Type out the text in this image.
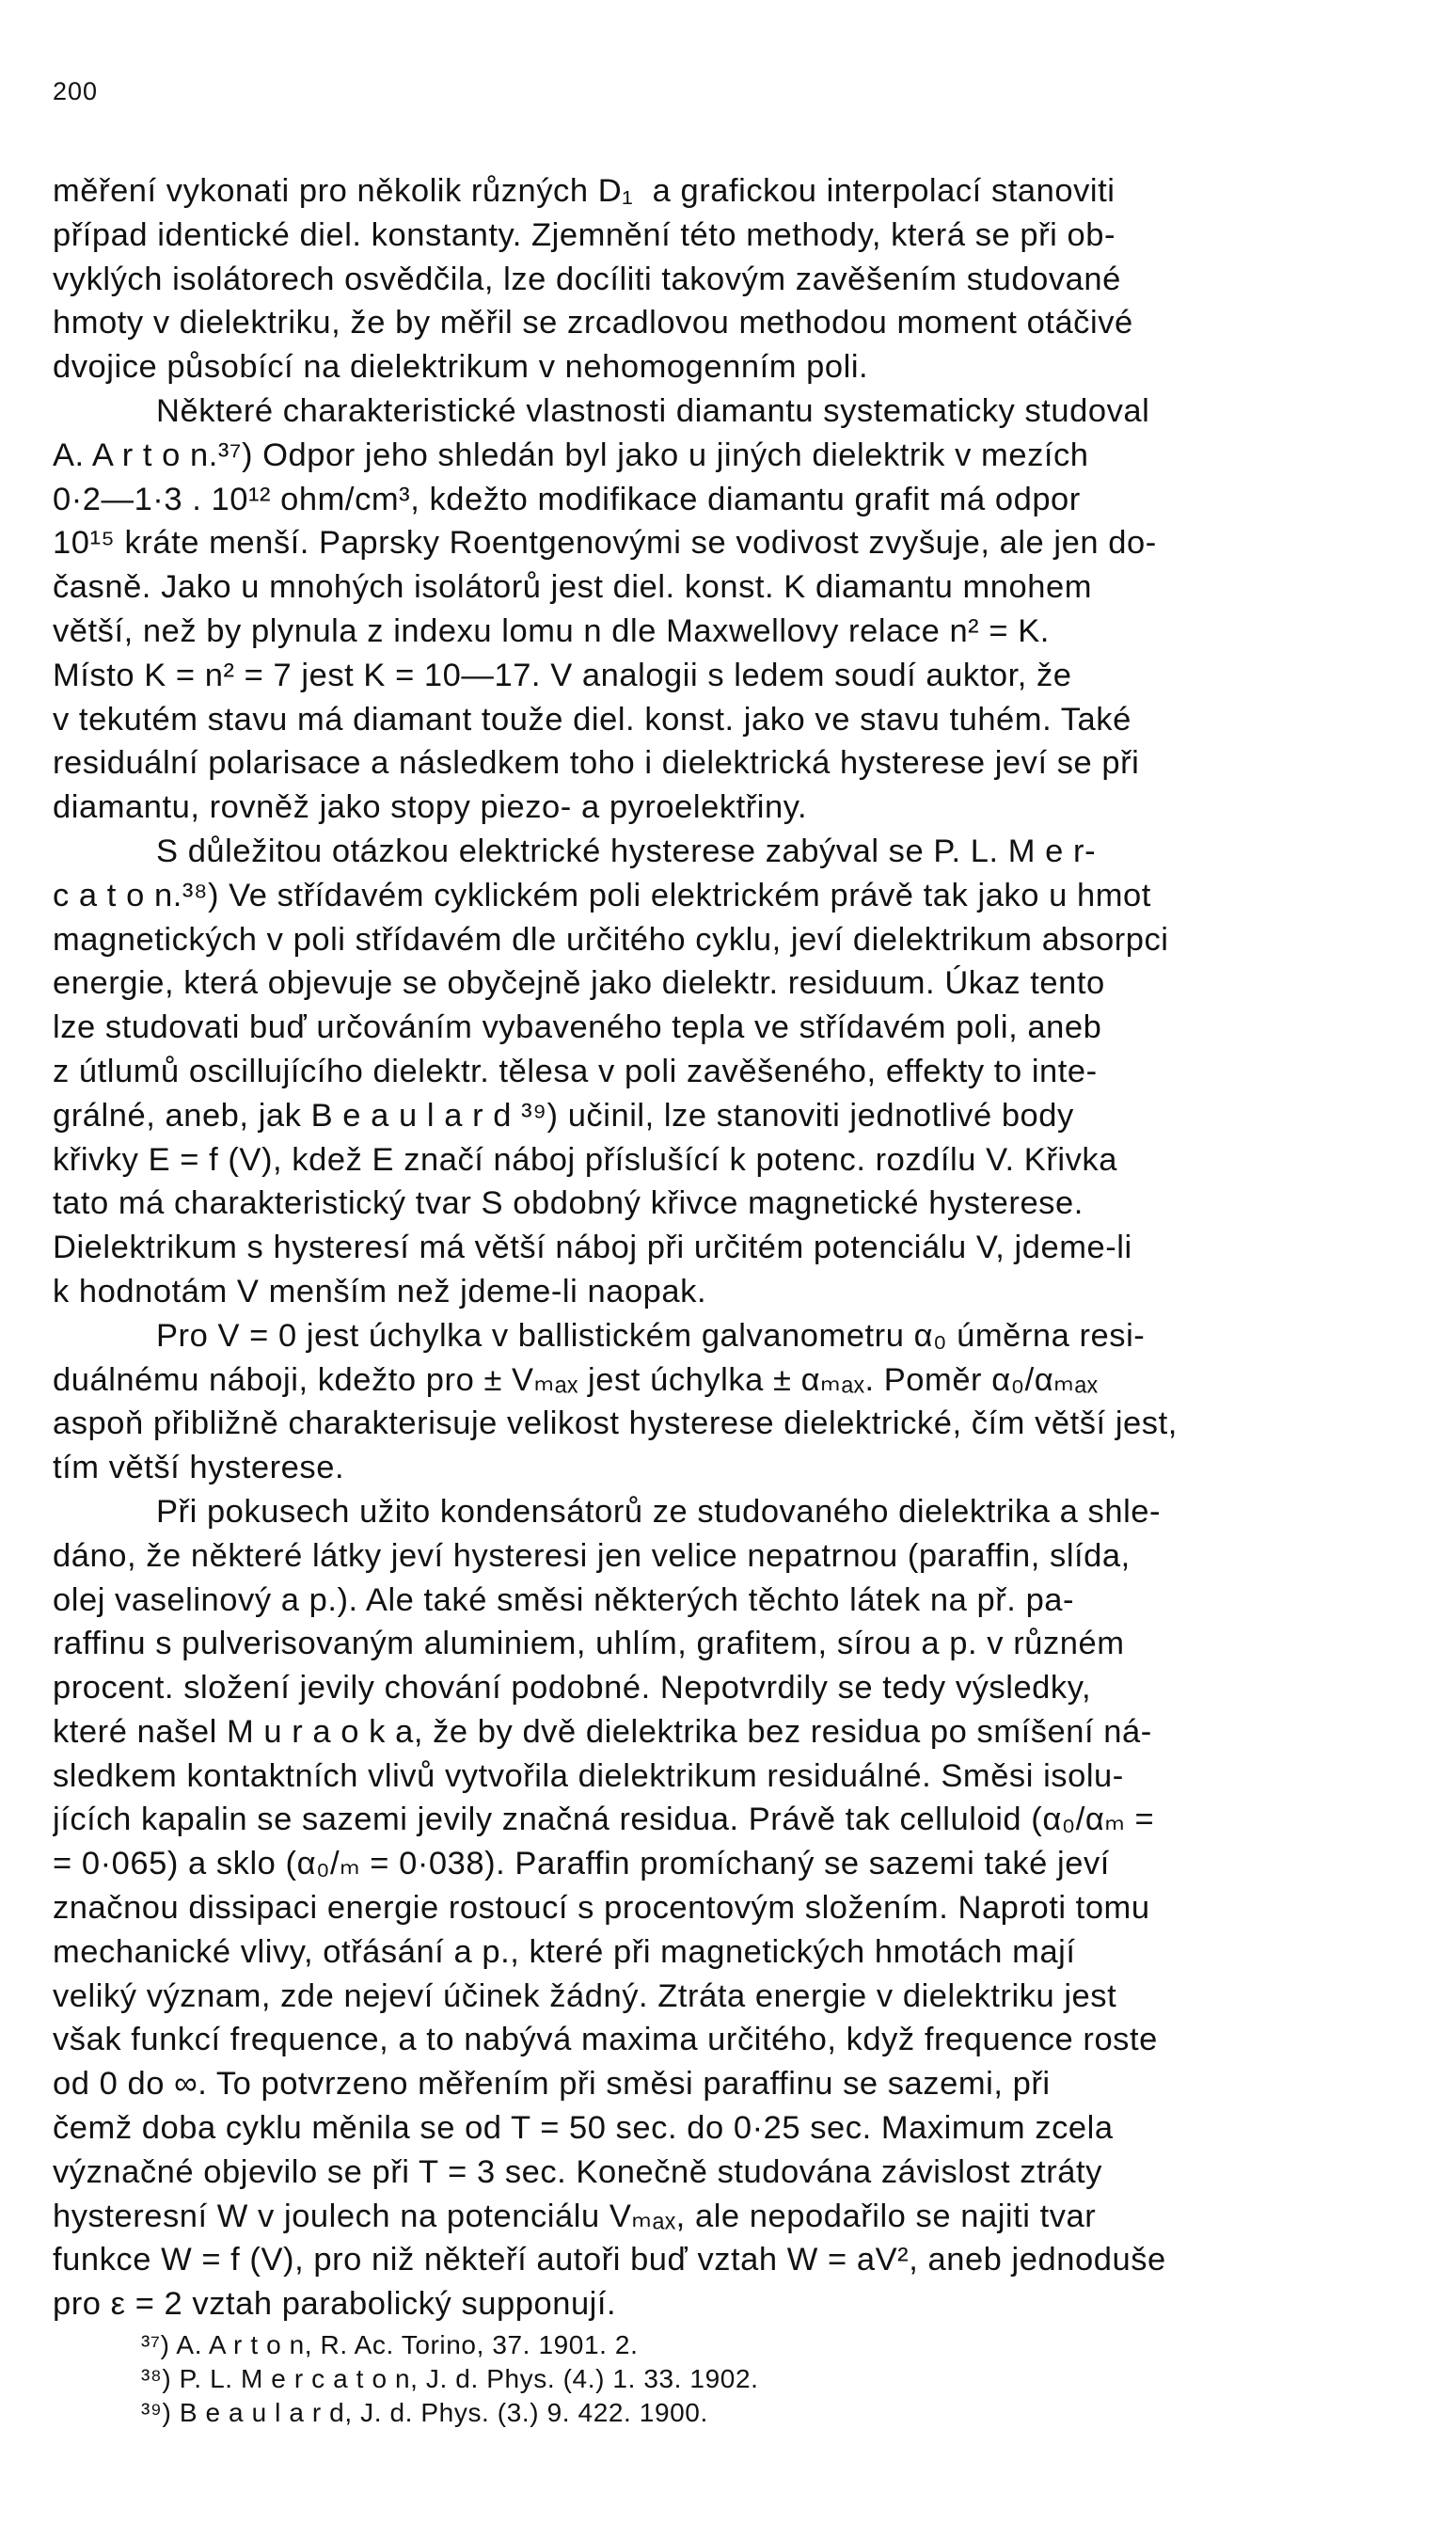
200
měření vykonati pro několik různých D₁  a grafickou interpolací stanoviti
případ identické diel. konstanty. Zjemnění této methody, která se při ob-
vyklých isolátorech osvědčila, lze docíliti takovým zavěšením studované
hmoty v dielektriku, že by měřil se zrcadlovou methodou moment otáčivé
dvojice působící na dielektrikum v nehomogenním poli.
Některé charakteristické vlastnosti diamantu systematicky studoval
A. A r t o n.³⁷) Odpor jeho shledán byl jako u jiných dielektrik v mezích
0·2—1·3 . 10¹² ohm/cm³, kdežto modifikace diamantu grafit má odpor
10¹⁵ kráte menší. Paprsky Roentgenovými se vodivost zvyšuje, ale jen do-
časně. Jako u mnohých isolátorů jest diel. konst. K diamantu mnohem
větší, než by plynula z indexu lomu n dle Maxwellovy relace n² = K.
Místo K = n² = 7 jest K = 10—17. V analogii s ledem soudí auktor, že
v tekutém stavu má diamant touže diel. konst. jako ve stavu tuhém. Také
residuální polarisace a následkem toho i dielektrická hysterese jeví se při
diamantu, rovněž jako stopy piezo- a pyroelektřiny.
S důležitou otázkou elektrické hysterese zabýval se P. L. M e r-
c a t o n.³⁸) Ve střídavém cyklickém poli elektrickém právě tak jako u hmot
magnetických v poli střídavém dle určitého cyklu, jeví dielektrikum absorpci
energie, která objevuje se obyčejně jako dielektr. residuum. Úkaz tento
lze studovati buď určováním vybaveného tepla ve střídavém poli, aneb
z útlumů oscillujícího dielektr. tělesa v poli zavěšeného, effekty to inte-
grálné, aneb, jak B e a u l a r d ³⁹) učinil, lze stanoviti jednotlivé body
křivky E = f (V), kdež E značí náboj příslušící k potenc. rozdílu V. Křivka
tato má charakteristický tvar S obdobný křivce magnetické hysterese.
Dielektrikum s hysteresí má větší náboj při určitém potenciálu V, jdeme-li
k hodnotám V menším než jdeme-li naopak.
Pro V = 0 jest úchylka v ballistickém galvanometru α₀ úměrna resi-
duálnému náboji, kdežto pro ± Vₘₐₓ jest úchylka ± αₘₐₓ. Poměr α₀/αₘₐₓ
aspoň přibližně charakterisuje velikost hysterese dielektrické, čím větší jest,
tím větší hysterese.
Při pokusech užito kondensátorů ze studovaného dielektrika a shle-
dáno, že některé látky jeví hysteresi jen velice nepatrnou (paraffin, slída,
olej vaselinový a p.). Ale také směsi některých těchto látek na př. pa-
raffinu s pulverisovaným aluminiem, uhlím, grafitem, sírou a p. v různém
procent. složení jevily chování podobné. Nepotvrdily se tedy výsledky,
které našel M u r a o k a, že by dvě dielektrika bez residua po smíšení ná-
sledkem kontaktních vlivů vytvořila dielektrikum residuálné. Směsi isolu-
jících kapalin se sazemi jevily značná residua. Právě tak celluloid (α₀/αₘ =
= 0·065) a sklo (α₀/ₘ = 0·038). Paraffin promíchaný se sazemi také jeví
značnou dissipaci energie rostoucí s procentovým složením. Naproti tomu
mechanické vlivy, otřásání a p., které při magnetických hmotách mají
veliký význam, zde nejeví účinek žádný. Ztráta energie v dielektriku jest
však funkcí frequence, a to nabývá maxima určitého, když frequence roste
od 0 do ∞. To potvrzeno měřením při směsi paraffinu se sazemi, při
čemž doba cyklu měnila se od T = 50 sec. do 0·25 sec. Maximum zcela
význačné objevilo se při T = 3 sec. Konečně studována závislost ztráty
hysteresní W v joulech na potenciálu Vₘₐₓ, ale nepodařilo se najiti tvar
funkce W = f (V), pro niž někteří autoři buď vztah W = aV², aneb jednoduše
pro ε = 2 vztah parabolický supponují.
³⁷) A. A r t o n, R. Ac. Torino, 37. 1901. 2.
³⁸) P. L. M e r c a t o n, J. d. Phys. (4.) 1. 33. 1902.
³⁹) B e a u l a r d, J. d. Phys. (3.) 9. 422. 1900.
